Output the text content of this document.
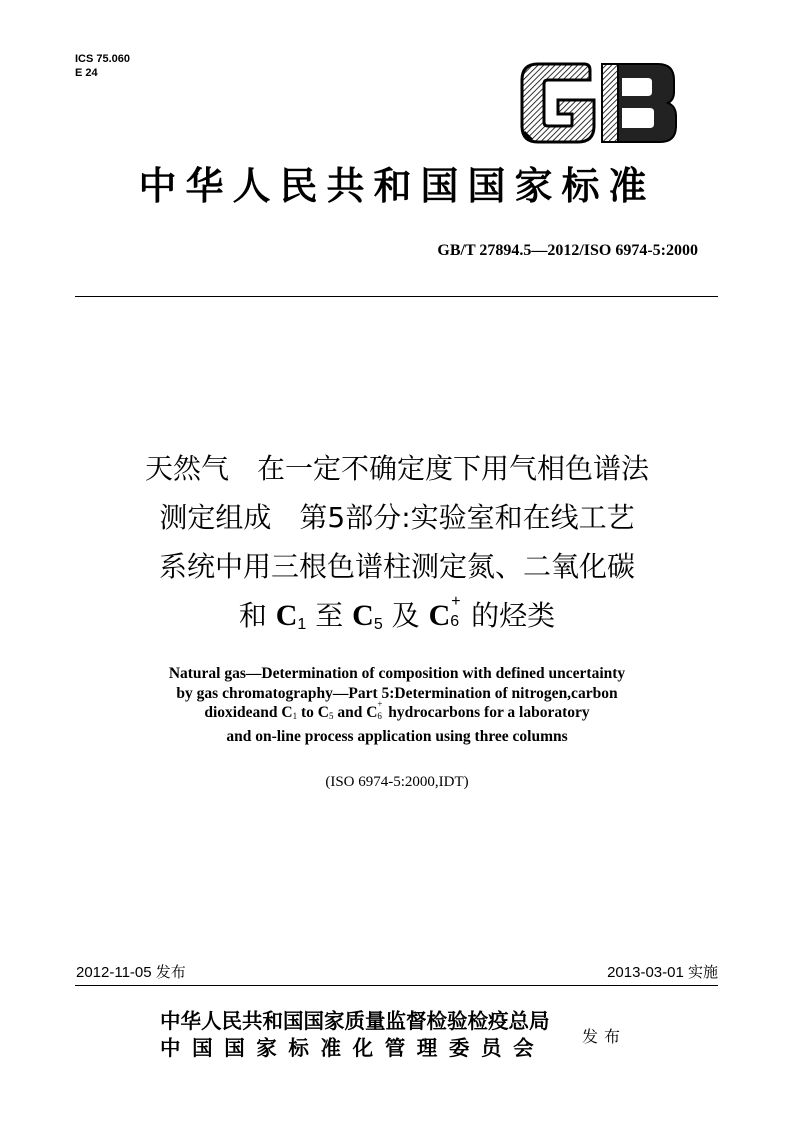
ICS 75.060
E 24
中华人民共和国国家标准
GB/T 27894.5—2012/ISO 6974-5:2000
天然气　在一定不确定度下用气相色谱法
测定组成　第5部分:实验室和在线工艺
系统中用三根色谱柱测定氮、二氧化碳
和 $C_1$ 至 $C_5$ 及 C +
6 的烃类
Natural gas—Determination of composition with defined uncertainty
by gas chromatography—Part 5:Determination of nitrogen,carbon
dioxideand $C_1$ to $C_5$ and C +
6 hydrocarbons for a laboratory
and on-line process application using three columns
(ISO 6974-5:2000,IDT)
2012-11-05 发布	2013-03-01 实施
中华人民共和国国家质量监督检验检疫总局
中国国家标准化管理委员会 发布
